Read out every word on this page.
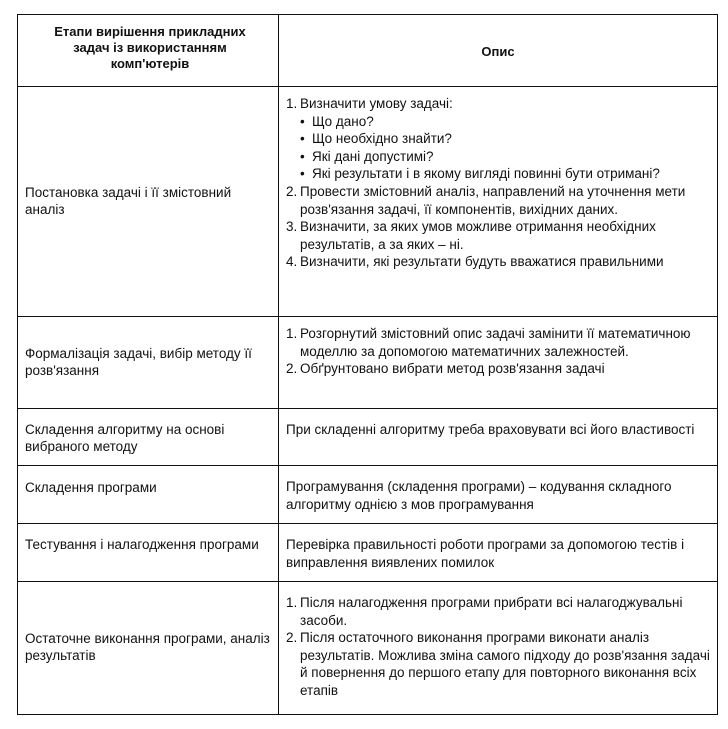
Етапи вирішення прикладних задач із використанням комп'ютерів
Опис
Постановка задачі і її змістовний аналіз
1. Визначити умову задачі:
• Що дано?
• Що необхідно знайти?
• Які дані допустимі?
• Які результати і в якому вигляді повинні бути отримані?
2. Провести змістовний аналіз, направлений на уточнення мети розв'язання задачі, її компонентів, вихідних даних.
3. Визначити, за яких умов можливе отримання необхідних результатів, а за яких – ні.
4. Визначити, які результати будуть вважатися правильними
Формалізація задачі, вибір методу її розв'язання
1. Розгорнутий змістовний опис задачі замінити її математичною моделлю за допомогою математичних залежностей.
2. Обґрунтовано вибрати метод розв'язання задачі
Складення алгоритму на основі вибраного методу
При складенні алгоритму треба враховувати всі його властивості
Складення програми	Програмування (складення програми) – кодування складного алгоритму однією з мов програмування
Тестування і налагодження програми	Перевірка правильності роботи програми за допомогою тестів і виправлення виявлених помилок
Остаточне виконання програми, аналіз результатів
1. Після налагодження програми прибрати всі налагоджувальні засоби.
2. Після остаточного виконання програми виконати аналіз результатів. Можлива зміна самого підходу до розв'язання задачі й повернення до першого етапу для повторного виконання всіх етапів
